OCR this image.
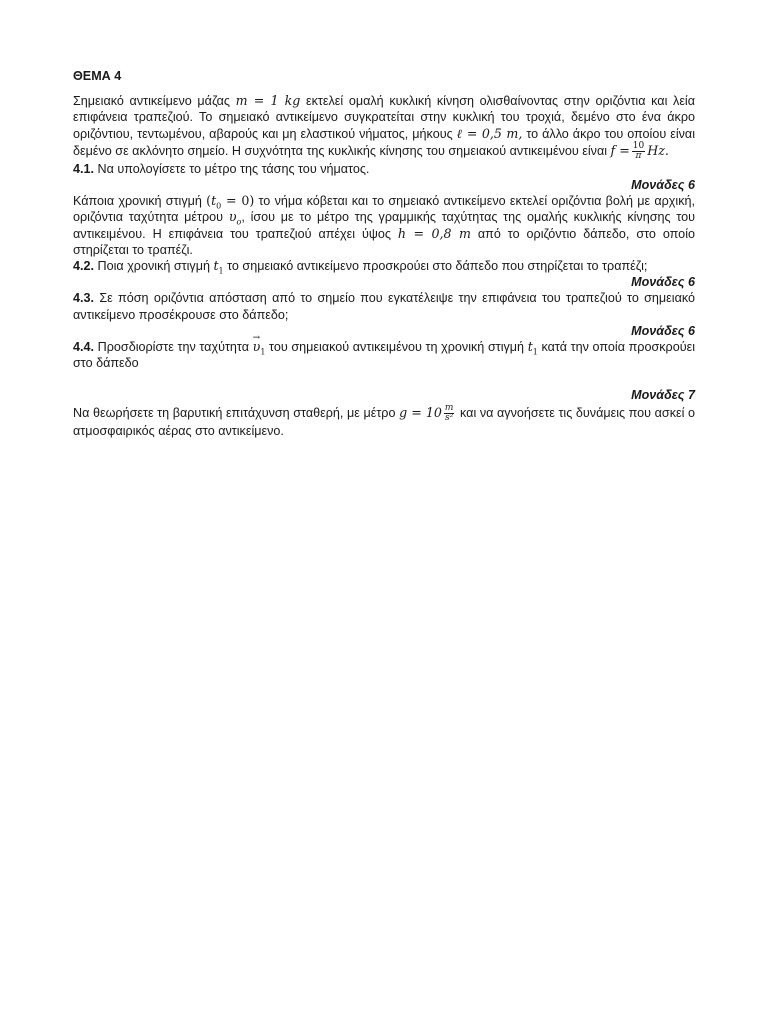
ΘΕΜΑ 4

Σημειακό αντικείμενο μάζας m = 1 kg εκτελεί ομαλή κυκλική κίνηση ολισθαίνοντας στην οριζόντια και λεία επιφάνεια τραπεζιού. Το σημειακό αντικείμενο συγκρατείται στην κυκλική του τροχιά, δεμένο στο ένα άκρο οριζόντιου, τεντωμένου, αβαρούς και μη ελαστικού νήματος, μήκους ℓ = 0,5 m, το άλλο άκρο του οποίου είναι δεμένο σε ακλόνητο σημείο. Η συχνότητα της κυκλικής κίνησης του σημειακού αντικειμένου είναι $f = \frac{10}{\pi} Hz$.

4.1. Να υπολογίσετε το μέτρο της τάσης του νήματος.

Μονάδες 6

Κάποια χρονική στιγμή $(t_0 = 0)$ το νήμα κόβεται και το σημειακό αντικείμενο εκτελεί οριζόντια βολή με αρχική, οριζόντια ταχύτητα μέτρου $\upsilon_o$, ίσου με το μέτρο της γραμμικής ταχύτητας της ομαλής κυκλικής κίνησης του αντικειμένου. Η επιφάνεια του τραπεζιού απέχει ύψος h = 0,8 m από το οριζόντιο δάπεδο, στο οποίο στηρίζεται το τραπέζι.

4.2. Ποια χρονική στιγμή $t_1$ το σημειακό αντικείμενο προσκρούει στο δάπεδο που στηρίζεται το τραπέζι;

Μονάδες 6

4.3. Σε πόση οριζόντια απόσταση από το σημείο που εγκατέλειψε την επιφάνεια του τραπεζιού το σημειακό αντικείμενο προσέκρουσε στο δάπεδο;

Μονάδες 6

4.4. Προσδιορίστε την $\tau\alpha\chi ύ\tau\eta\tau\alpha \to \upsilon_1$ του σημειακού αντικειμένου τη χρονική στιγμή $t_1$ κατά την οποία προσκρούει στο δάπεδο

Μονάδες 7

Να θεωρήσετε τη βαρυτική επιτάχυνση σταθερή, με μέτρο $g = 10 \frac{m}{\text{s²}}$ και να αγνοήσετε τις δυνάμεις που ασκεί ο ατμοσφαιρικός αέρας στο αντικείμενο.
